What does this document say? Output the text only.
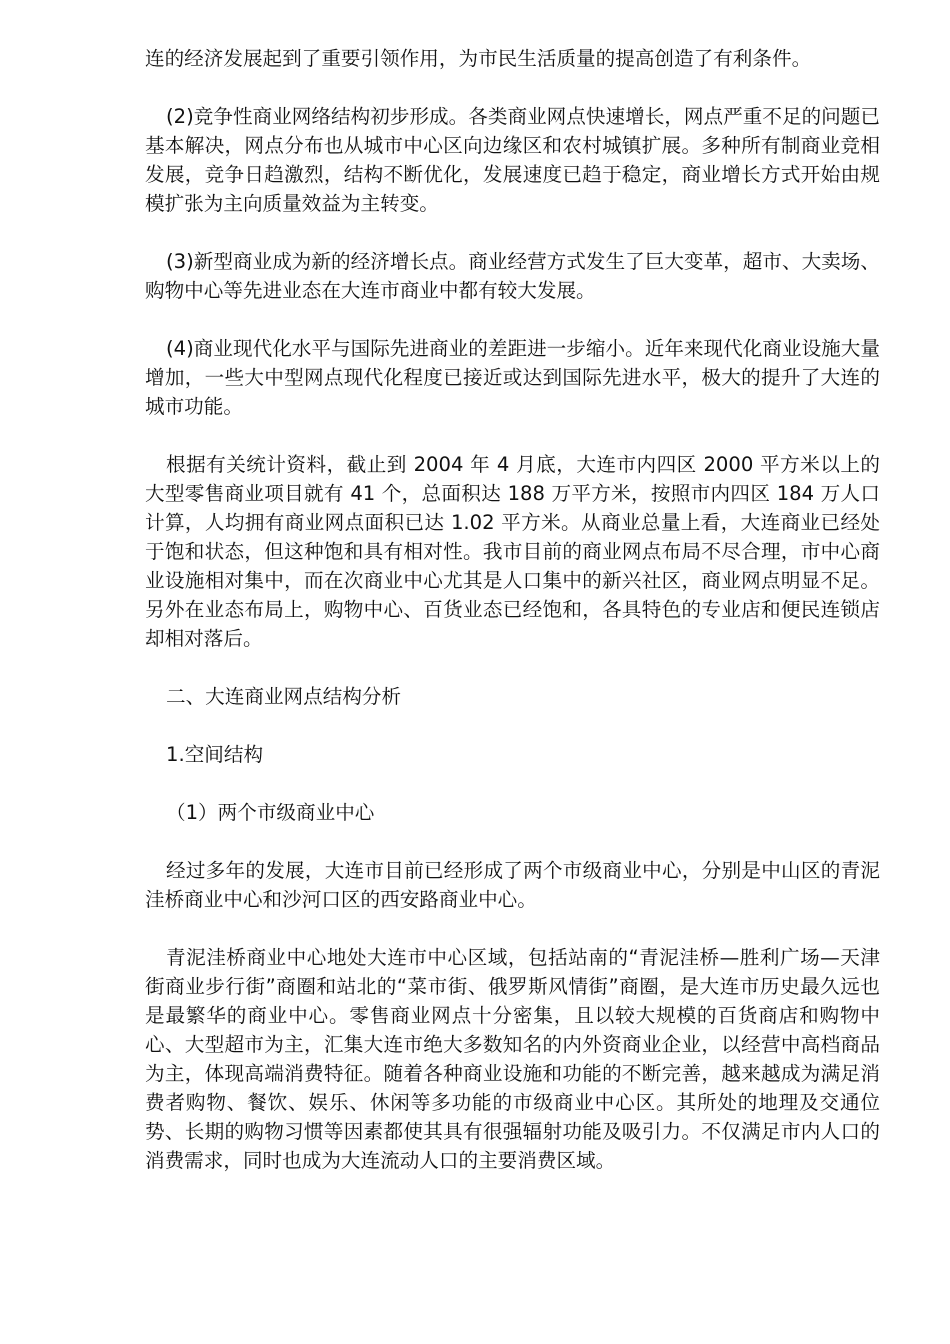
连的经济发展起到了重要引领作用，为市民生活质量的提高创造了有利条件。

(2)竞争性商业网络结构初步形成。各类商业网点快速增长，网点严重不足的问题已基本解决，网点分布也从城市中心区向边缘区和农村城镇扩展。多种所有制商业竞相发展，竞争日趋激烈，结构不断优化，发展速度已趋于稳定，商业增长方式开始由规模扩张为主向质量效益为主转变。

(3)新型商业成为新的经济增长点。商业经营方式发生了巨大变革，超市、大卖场、购物中心等先进业态在大连市商业中都有较大发展。

(4)商业现代化水平与国际先进商业的差距进一步缩小。近年来现代化商业设施大量增加，一些大中型网点现代化程度已接近或达到国际先进水平，极大的提升了大连的城市功能。

根据有关统计资料，截止到 2004 年 4 月底，大连市内四区 2000 平方米以上的大型零售商业项目就有 41 个，总面积达 188 万平方米，按照市内四区 184 万人口计算，人均拥有商业网点面积已达 1.02 平方米。从商业总量上看，大连商业已经处于饱和状态，但这种饱和具有相对性。我市目前的商业网点布局不尽合理，市中心商业设施相对集中，而在次商业中心尤其是人口集中的新兴社区，商业网点明显不足。另外在业态布局上，购物中心、百货业态已经饱和，各具特色的专业店和便民连锁店却相对落后。

二、大连商业网点结构分析

1.空间结构

（1）两个市级商业中心

经过多年的发展，大连市目前已经形成了两个市级商业中心，分别是中山区的青泥洼桥商业中心和沙河口区的西安路商业中心。

青泥洼桥商业中心地处大连市中心区域，包括站南的“青泥洼桥—胜利广场—天津街商业步行街”商圈和站北的“菜市街、俄罗斯风情街”商圈，是大连市历史最久远也是最繁华的商业中心。零售商业网点十分密集，且以较大规模的百货商店和购物中心、大型超市为主，汇集大连市绝大多数知名的内外资商业企业，以经营中高档商品为主，体现高端消费特征。随着各种商业设施和功能的不断完善，越来越成为满足消费者购物、餐饮、娱乐、休闲等多功能的市级商业中心区。其所处的地理及交通位势、长期的购物习惯等因素都使其具有很强辐射功能及吸引力。不仅满足市内人口的消费需求，同时也成为大连流动人口的主要消费区域。
